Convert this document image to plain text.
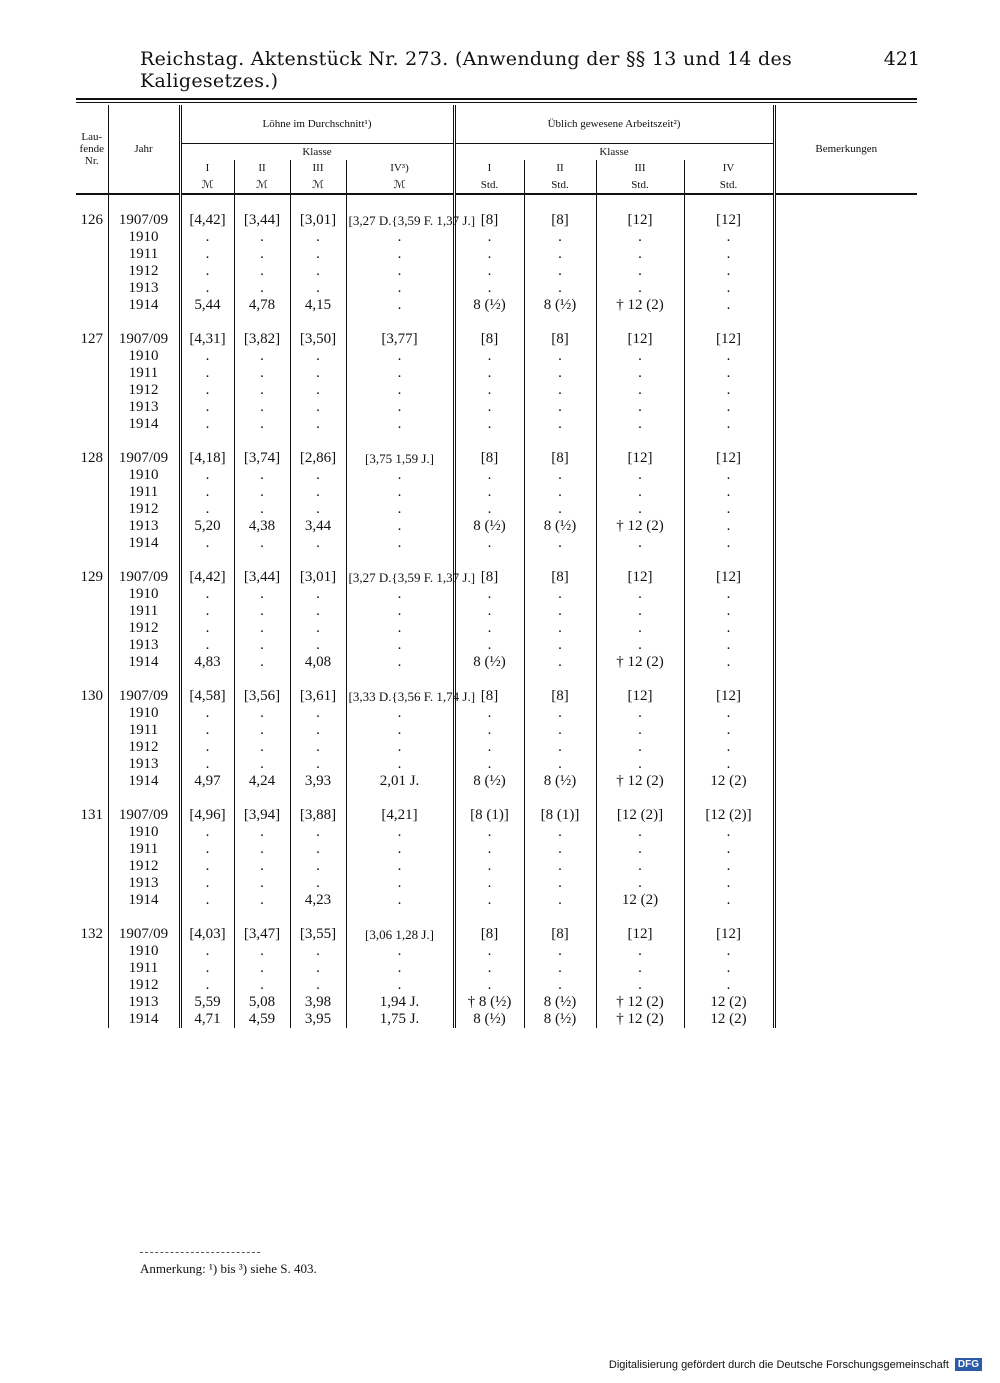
Reichstag. Aktenstück Nr. 273. (Anwendung der §§ 13 und 14 des Kaligesetzes.)
421
Lau-fende Nr.	Jahr	Löhne im Durchschnitt¹)				Üblich gewesene Arbeitszeit²)				Bemerkungen
		Klasse				Klasse				
		I	II	III	IV³)	I	II	III	IV	
		ℳ	ℳ	ℳ	ℳ	Std.	Std.	Std.	Std.	

126	1907/09	[4,42]	[3,44]	[3,01]	[3,27 D.{3,59 F. 1,37 J.]	[8]	[8]	[12]	[12]	
	1910	.	.	.	.	.	.	.	.	
	1911	.	.	.	.	.	.	.	.	
	1912	.	.	.	.	.	.	.	.	
	1913	.	.	.	.	.	.	.	.	
	1914	5,44	4,78	4,15	.	8 (½)	8 (½)	† 12 (2)	.	

127	1907/09	[4,31]	[3,82]	[3,50]	[3,77]	[8]	[8]	[12]	[12]	
	1910	.	.	.	.	.	.	.	.	
	1911	.	.	.	.	.	.	.	.	
	1912	.	.	.	.	.	.	.	.	
	1913	.	.	.	.	.	.	.	.	
	1914	.	.	.	.	.	.	.	.	

128	1907/09	[4,18]	[3,74]	[2,86]	[3,75 1,59 J.]	[8]	[8]	[12]	[12]	
	1910	.	.	.	.	.	.	.	.	
	1911	.	.	.	.	.	.	.	.	
	1912	.	.	.	.	.	.	.	.	
	1913	5,20	4,38	3,44	.	8 (½)	8 (½)	† 12 (2)	.	
	1914	.	.	.	.	.	.	.	.	

129	1907/09	[4,42]	[3,44]	[3,01]	[3,27 D.{3,59 F. 1,37 J.]	[8]	[8]	[12]	[12]	
	1910	.	.	.	.	.	.	.	.	
	1911	.	.	.	.	.	.	.	.	
	1912	.	.	.	.	.	.	.	.	
	1913	.	.	.	.	.	.	.	.	
	1914	4,83	.	4,08	.	8 (½)	.	† 12 (2)	.	

130	1907/09	[4,58]	[3,56]	[3,61]	[3,33 D.{3,56 F. 1,74 J.]	[8]	[8]	[12]	[12]	
	1910	.	.	.	.	.	.	.	.	
	1911	.	.	.	.	.	.	.	.	
	1912	.	.	.	.	.	.	.	.	
	1913	.	.	.	.	.	.	.	.	
	1914	4,97	4,24	3,93	2,01 J.	8 (½)	8 (½)	† 12 (2)	12 (2)	

131	1907/09	[4,96]	[3,94]	[3,88]	[4,21]	[8 (1)]	[8 (1)]	[12 (2)]	[12 (2)]	
	1910	.	.	.	.	.	.	.	.	
	1911	.	.	.	.	.	.	.	.	
	1912	.	.	.	.	.	.	.	.	
	1913	.	.	.	.	.	.	.	.	
	1914	.	.	4,23	.	.	.	12 (2)	.	

132	1907/09	[4,03]	[3,47]	[3,55]	[3,06 1,28 J.]	[8]	[8]	[12]	[12]	
	1910	.	.	.	.	.	.	.	.	
	1911	.	.	.	.	.	.	.	.	
	1912	.	.	.	.	.	.	.	.	
	1913	5,59	5,08	3,98	1,94 J.	† 8 (½)	8 (½)	† 12 (2)	12 (2)	
	1914	4,71	4,59	3,95	1,75 J.	8 (½)	8 (½)	† 12 (2)	12 (2)	
Anmerkung: ¹) bis ³) siehe S. 403.
Digitalisierung gefördert durch die Deutsche Forschungsgemeinschaft DFG
